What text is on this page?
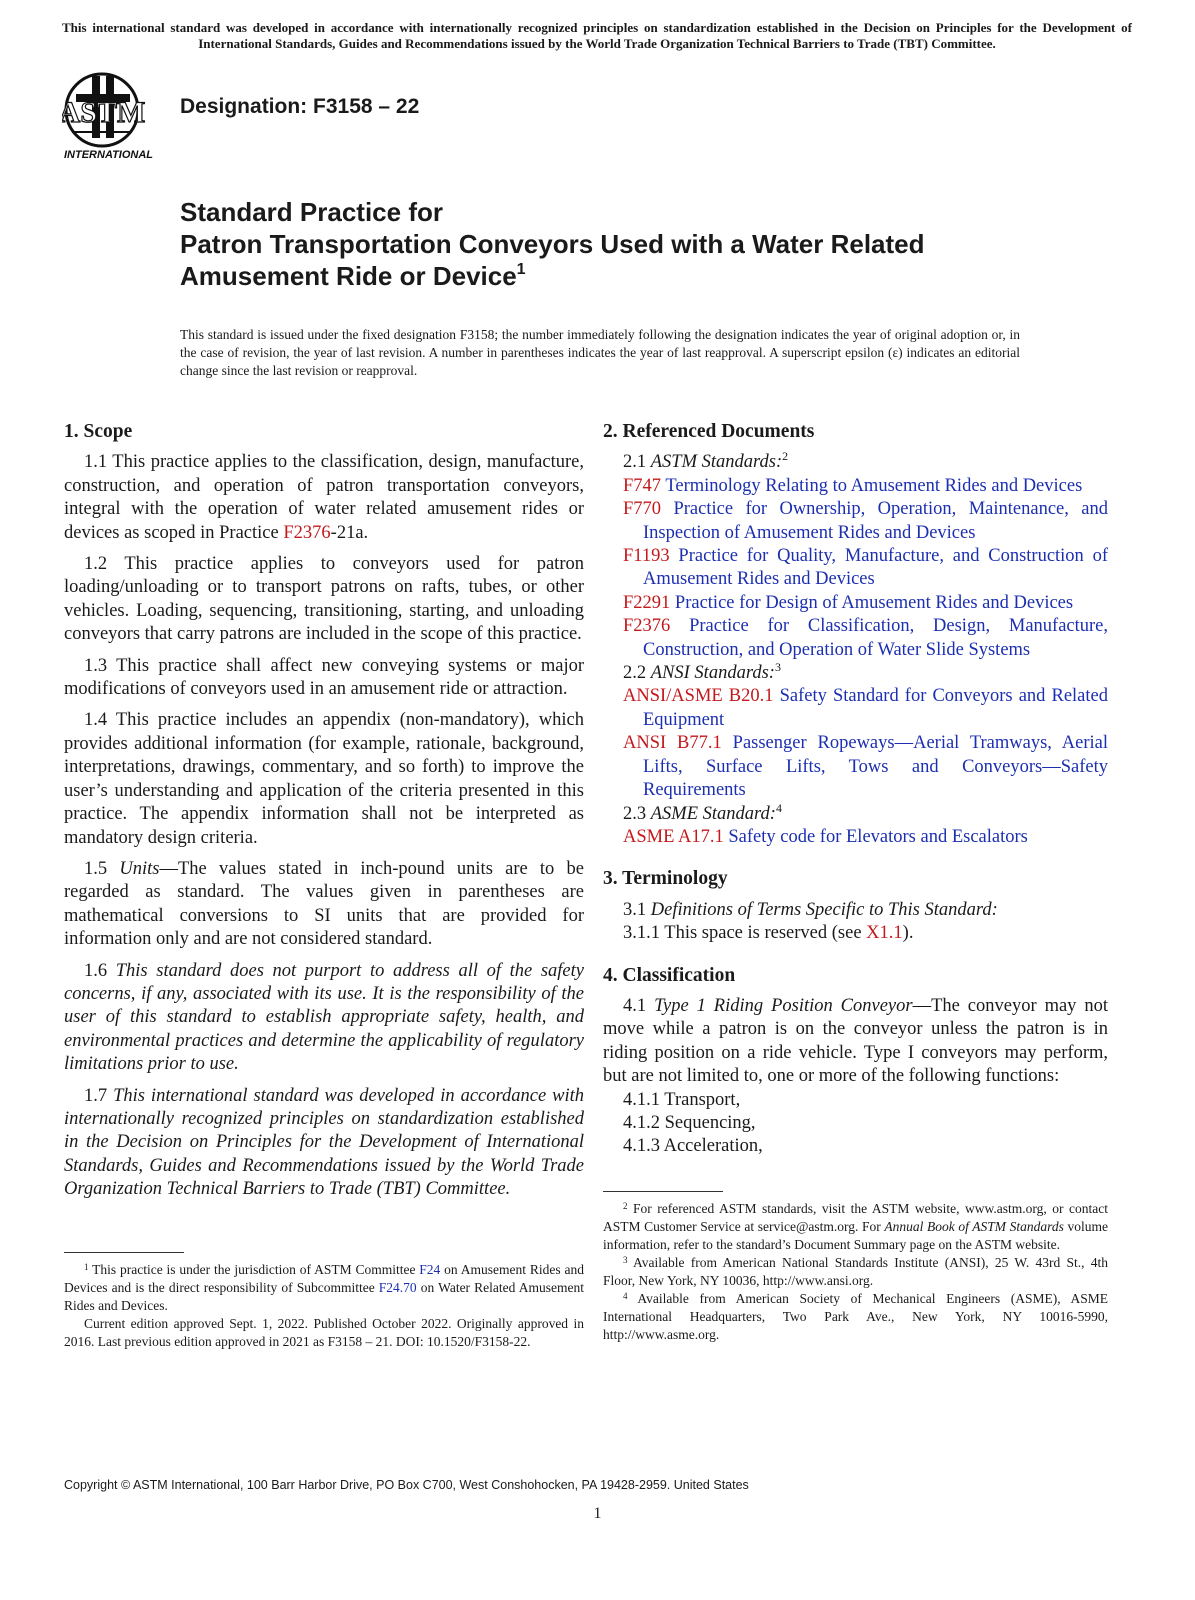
This international standard was developed in accordance with internationally recognized principles on standardization established in the Decision on Principles for the Development of International Standards, Guides and Recommendations issued by the World Trade Organization Technical Barriers to Trade (TBT) Committee.
ASTM
INTERNATIONAL
Designation: F3158 – 22
Standard Practice for
Patron Transportation Conveyors Used with a Water Related
Amusement Ride or Device$^1$
This standard is issued under the fixed designation F3158; the number immediately following the designation indicates the year of original adoption or, in the case of revision, the year of last revision. A number in parentheses indicates the year of last reapproval. A superscript epsilon (ε) indicates an editorial change since the last revision or reapproval.
1. Scope

1.1 This practice applies to the classification, design, manufacture, construction, and operation of patron transportation conveyors, integral with the operation of water related amusement rides or devices as scoped in Practice F2376-21a.

1.2 This practice applies to conveyors used for patron loading/unloading or to transport patrons on rafts, tubes, or other vehicles. Loading, sequencing, transitioning, starting, and unloading conveyors that carry patrons are included in the scope of this practice.

1.3 This practice shall affect new conveying systems or major modifications of conveyors used in an amusement ride or attraction.

1.4 This practice includes an appendix (non-mandatory), which provides additional information (for example, rationale, background, interpretations, drawings, commentary, and so forth) to improve the user’s understanding and application of the criteria presented in this practice. The appendix information shall not be interpreted as mandatory design criteria.

1.5 Units—The values stated in inch-pound units are to be regarded as standard. The values given in parentheses are mathematical conversions to SI units that are provided for information only and are not considered standard.

1.6 This standard does not purport to address all of the safety concerns, if any, associated with its use. It is the responsibility of the user of this standard to establish appropriate safety, health, and environmental practices and determine the applicability of regulatory limitations prior to use.

1.7 This international standard was developed in accordance with internationally recognized principles on standardization established in the Decision on Principles for the Development of International Standards, Guides and Recommendations issued by the World Trade Organization Technical Barriers to Trade (TBT) Committee.

$^1$ This practice is under the jurisdiction of ASTM Committee F24 on Amusement Rides and Devices and is the direct responsibility of Subcommittee F24.70 on Water Related Amusement Rides and Devices.

Current edition approved Sept. 1, 2022. Published October 2022. Originally approved in 2016. Last previous edition approved in 2021 as F3158 – 21. DOI: 10.1520/F3158-22.

2. Referenced Documents

2.1 ASTM Standards:$^2$

F747 Terminology Relating to Amusement Rides and Devices

F770 Practice for Ownership, Operation, Maintenance, and Inspection of Amusement Rides and Devices

F1193 Practice for Quality, Manufacture, and Construction of Amusement Rides and Devices

F2291 Practice for Design of Amusement Rides and Devices

F2376 Practice for Classification, Design, Manufacture, Construction, and Operation of Water Slide Systems

2.2 ANSI Standards:$^3$

ANSI/ASME B20.1 Safety Standard for Conveyors and Related Equipment

ANSI B77.1 Passenger Ropeways—Aerial Tramways, Aerial Lifts, Surface Lifts, Tows and Conveyors—Safety Requirements

2.3 ASME Standard:$^4$

ASME A17.1 Safety code for Elevators and Escalators

3. Terminology

3.1 Definitions of Terms Specific to This Standard:

3.1.1 This space is reserved (see X1.1).

4. Classification

4.1 Type 1 Riding Position Conveyor—The conveyor may not move while a patron is on the conveyor unless the patron is in riding position on a ride vehicle. Type I conveyors may perform, but are not limited to, one or more of the following functions:

4.1.1 Transport,

4.1.2 Sequencing,

4.1.3 Acceleration,

$^2$ For referenced ASTM standards, visit the ASTM website, www.astm.org, or contact ASTM Customer Service at service@astm.org. For Annual Book of ASTM Standards volume information, refer to the standard’s Document Summary page on the ASTM website.

$^3$ Available from American National Standards Institute (ANSI), 25 W. 43rd St., 4th Floor, New York, NY 10036, http://www.ansi.org.

$^4$ Available from American Society of Mechanical Engineers (ASME), ASME International Headquarters, Two Park Ave., New York, NY 10016-5990, http://www.asme.org.

Copyright © ASTM International, 100 Barr Harbor Drive, PO Box C700, West Conshohocken, PA 19428-2959. United States
1
